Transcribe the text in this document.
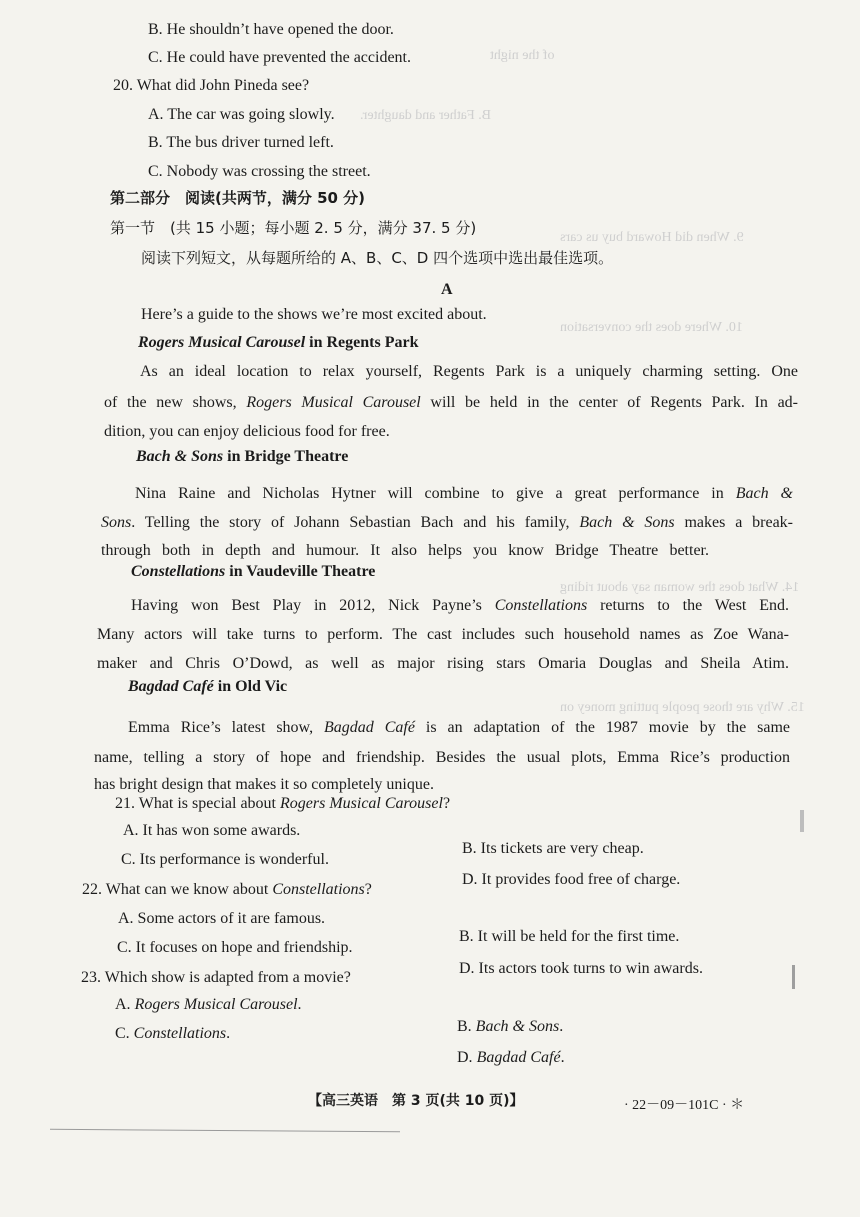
of the night
B. Father and daughter.
9. When did Howard buy us cars
10. Where does the conversation
14. What does the woman say about riding
15. Why are those people putting money on
B. He shouldn’t have opened the door.
C. He could have prevented the accident.
20. What did John Pineda see?
A. The car was going slowly.
B. The bus driver turned left.
C. Nobody was crossing the street.
第二部分　阅读(共两节，满分 50 分)
第一节　(共 15 小题；每小题 2. 5 分，满分 37. 5 分)
阅读下列短文，从每题所给的 A、B、C、D 四个选项中选出最佳选项。
A
Here’s a guide to the shows we’re most excited about.
Rogers Musical Carousel in Regents Park
As an ideal location to relax yourself, Regents Park is a uniquely charming setting. One
of the new shows, Rogers Musical Carousel will be held in the center of Regents Park. In ad-
dition, you can enjoy delicious food for free.
Bach & Sons in Bridge Theatre
Nina Raine and Nicholas Hytner will combine to give a great performance in Bach &
Sons. Telling the story of Johann Sebastian Bach and his family, Bach & Sons makes a break-
through both in depth and humour. It also helps you know Bridge Theatre better.
Constellations in Vaudeville Theatre
Having won Best Play in 2012, Nick Payne’s Constellations returns to the West End.
Many actors will take turns to perform. The cast includes such household names as Zoe Wana-
maker and Chris O’Dowd, as well as major rising stars Omaria Douglas and Sheila Atim.
Bagdad Café in Old Vic
Emma Rice’s latest show, Bagdad Café is an adaptation of the 1987 movie by the same
name, telling a story of hope and friendship. Besides the usual plots, Emma Rice’s production
has bright design that makes it so completely unique.
21. What is special about Rogers Musical Carousel?
A. It has won some awards.
B. Its tickets are very cheap.
C. Its performance is wonderful.
D. It provides food free of charge.
22. What can we know about Constellations?
A. Some actors of it are famous.
B. It will be held for the first time.
C. It focuses on hope and friendship.
D. Its actors took turns to win awards.
23. Which show is adapted from a movie?
A. Rogers Musical Carousel.
B. Bach & Sons.
C. Constellations.
D. Bagdad Café.
【高三英语　第 3 页(共 10 页)】	· 22－09－101C · ＊
